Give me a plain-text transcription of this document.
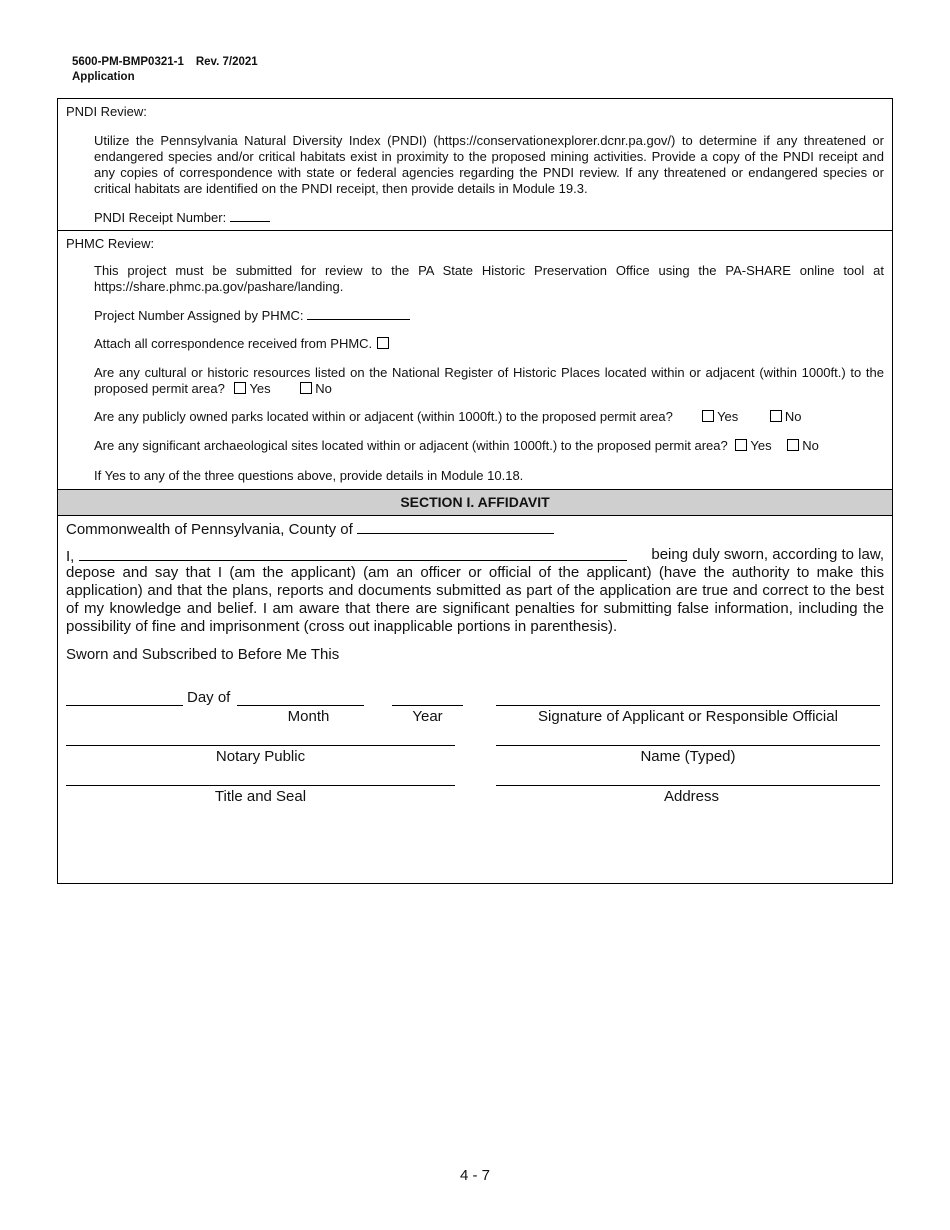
5600-PM-BMP0321-1 Rev. 7/2021
Application
PNDI Review:
Utilize the Pennsylvania Natural Diversity Index (PNDI) (https://conservationexplorer.dcnr.pa.gov/) to determine if any threatened or endangered species and/or critical habitats exist in proximity to the proposed mining activities. Provide a copy of the PNDI receipt and any copies of correspondence with state or federal agencies regarding the PNDI review. If any threatened or endangered species or critical habitats are identified on the PNDI receipt, then provide details in Module 19.3.
PNDI Receipt Number:
PHMC Review:
This project must be submitted for review to the PA State Historic Preservation Office using the PA-SHARE online tool at https://share.phmc.pa.gov/pashare/landing.
Project Number Assigned by PHMC:
Attach all correspondence received from PHMC.
Are any cultural or historic resources listed on the National Register of Historic Places located within or adjacent (within 1000ft.) to the proposed permit area? Yes	No
Are any publicly owned parks located within or adjacent (within 1000ft.) to the proposed permit area?	Yes	No
Are any significant archaeological sites located within or adjacent (within 1000ft.) to the proposed permit area? Yes No
If Yes to any of the three questions above, provide details in Module 10.18.
SECTION I. AFFIDAVIT
Commonwealth of Pennsylvania, County of
I,	being duly sworn, according to law,
depose and say that I (am the applicant) (am an officer or official of the applicant) (have the authority to make this application) and that the plans, reports and documents submitted as part of the application are true and correct to the best of my knowledge and belief. I am aware that there are significant penalties for submitting false information, including the possibility of fine and imprisonment (cross out inapplicable portions in parenthesis).
Sworn and Subscribed to Before Me This
Day of
Month	Year	Signature of Applicant or Responsible Official
Notary Public	Name (Typed)
Title and Seal	Address
4 - 7
